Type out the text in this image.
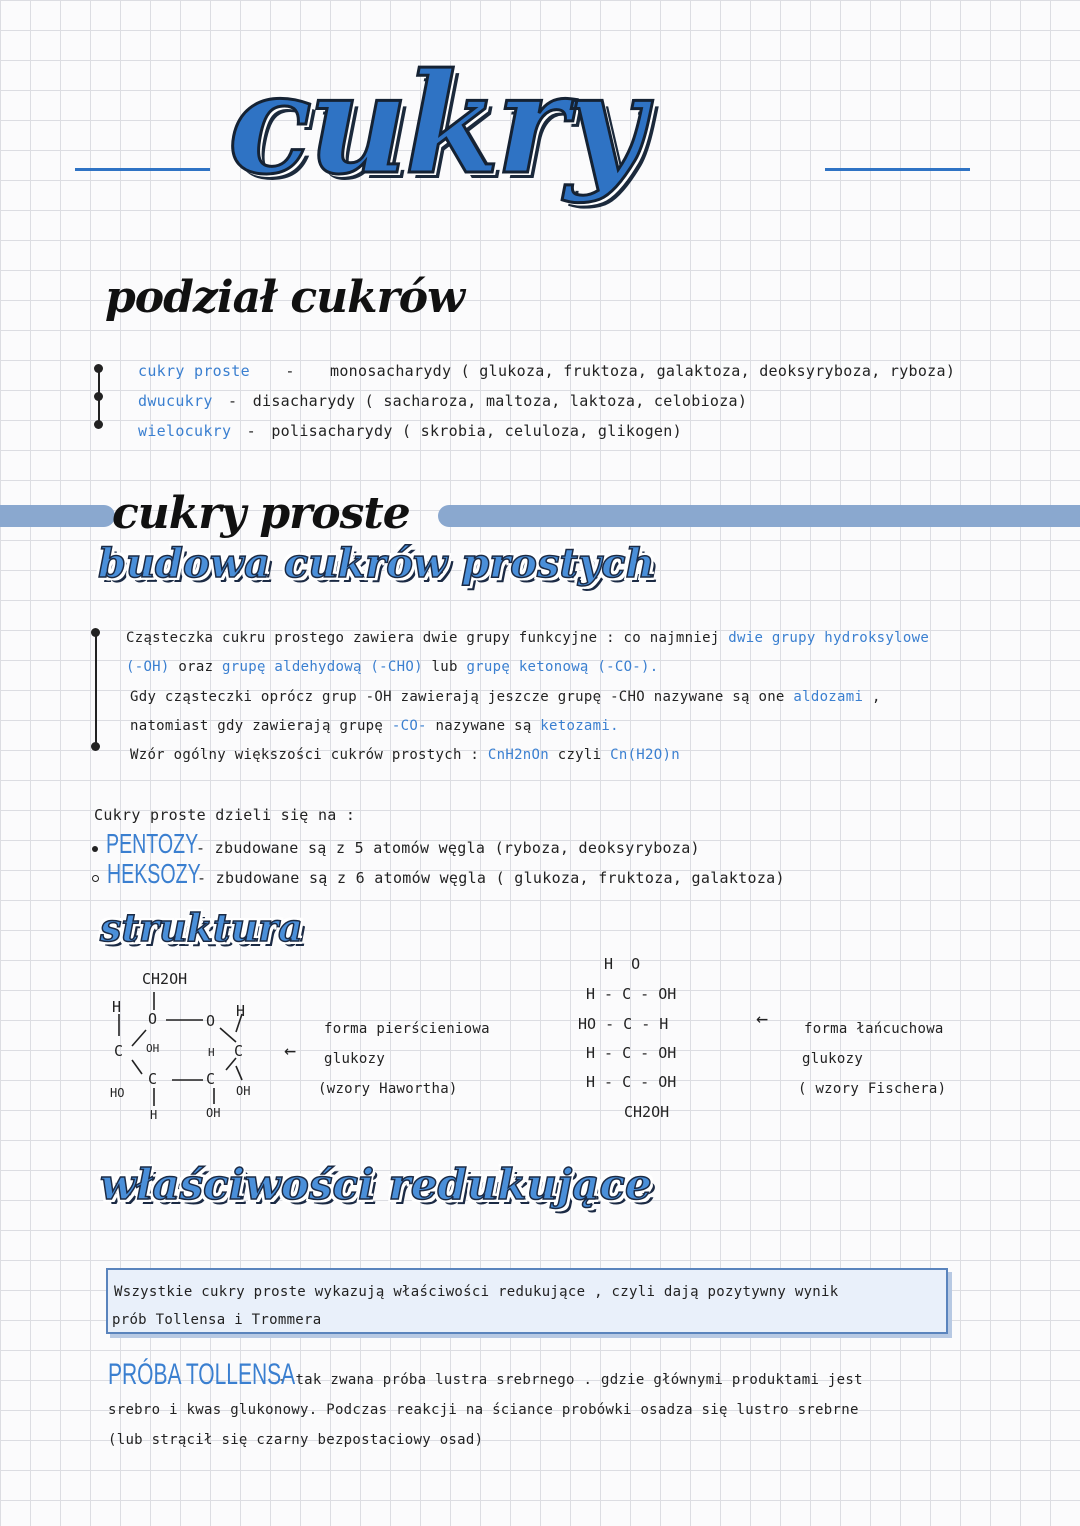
cukry
podział cukrów
cukry proste - monosacharydy ( glukoza, fruktoza, galaktoza, deoksyryboza, ryboza)
dwucukry - disacharydy ( sacharoza, maltoza, laktoza, celobioza)
wielocukry - polisacharydy ( skrobia, celuloza, glikogen)
cukry proste
budowa cukrów prostych
Cząsteczka cukru prostego zawiera dwie grupy funkcyjne : co najmniej dwie grupy hydroksylowe
(-OH) oraz grupę aldehydową (-CHO) lub grupę ketonową (-CO-).
Gdy cząsteczki oprócz grup -OH zawierają jeszcze grupę -CHO nazywane są one aldozami ,
natomiast gdy zawierają grupę -CO- nazywane są ketozami.
Wzór ogólny większości cukrów prostych : CnH2nOn czyli Cn(H2O)n
Cukry proste dzieli się na :
PENTOZY- zbudowane są z 5 atomów węgla (ryboza, deoksyryboza)
HEKSOZY- zbudowane są z 6 atomów węgla ( glukoza, fruktoza, galaktoza)
struktura
CH2OH
H
O	O
H
C OH	H C
HO
C	C
OH
H	OH
←
forma pierścieniowa
glukozy
(wzory Hawortha)
H  O
H - C - OH
HO - C - H
H - C - OH
H - C - OH
CH2OH
←	forma łańcuchowa
glukozy
( wzory Fischera)
właściwości redukujące
Wszystkie cukry proste wykazują właściwości redukujące , czyli dają pozytywny wynik
prób Tollensa i Trommera
PRÓBA TOLLENSA- tak zwana próba lustra srebrnego . gdzie głównymi produktami jest
srebro i kwas glukonowy. Podczas reakcji na ściance probówki osadza się lustro srebrne
(lub strącił się czarny bezpostaciowy osad)
